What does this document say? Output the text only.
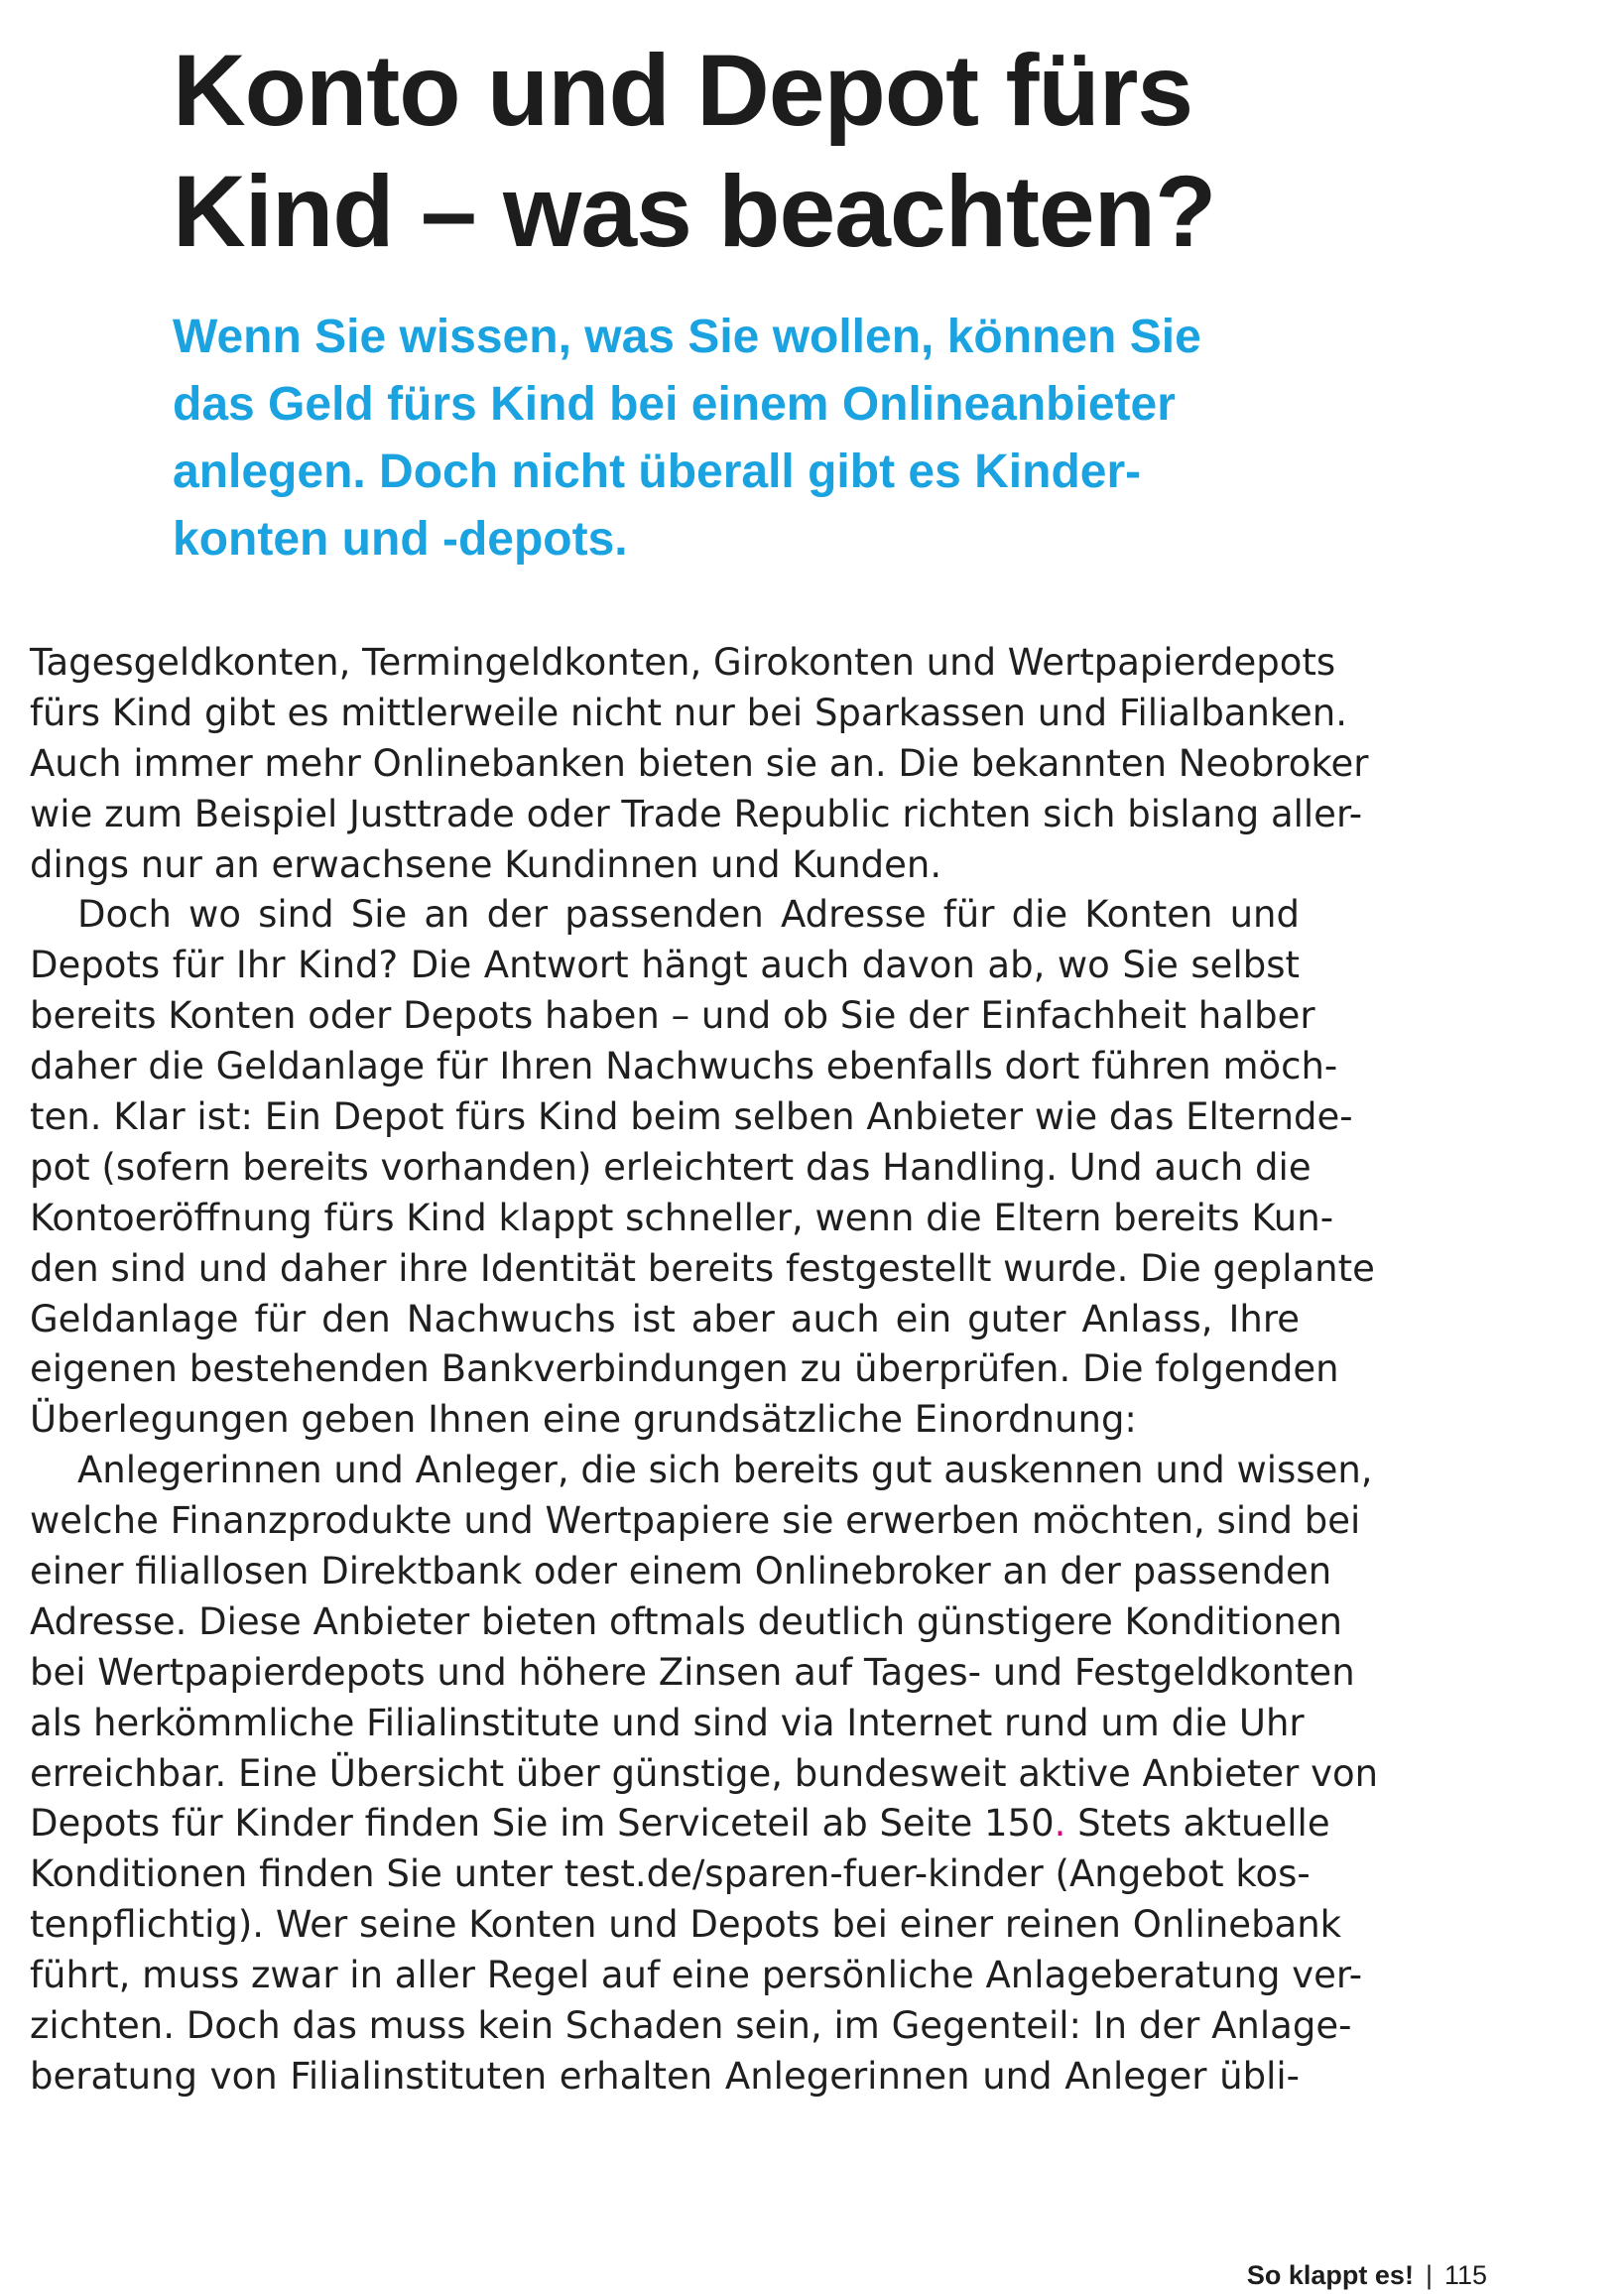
Konto und Depot fürs
Kind – was beachten?

Wenn Sie wissen, was Sie wollen, können Sie
das Geld fürs Kind bei einem Onlineanbieter
anlegen. Doch nicht überall gibt es Kinder-
konten und -depots.

Tagesgeldkonten, Termingeldkonten, Girokonten und Wertpapierdepots
fürs Kind gibt es mittlerweile nicht nur bei Sparkassen und Filialbanken.
Auch immer mehr Onlinebanken bieten sie an. Die bekannten Neobroker
wie zum Beispiel Justtrade oder Trade Republic richten sich bislang aller-
dings nur an erwachsene Kundinnen und Kunden.
Doch wo sind Sie an der passenden Adresse für die Konten und
Depots für Ihr Kind? Die Antwort hängt auch davon ab, wo Sie selbst
bereits Konten oder Depots haben – und ob Sie der Einfachheit halber
daher die Geldanlage für Ihren Nachwuchs ebenfalls dort führen möch-
ten. Klar ist: Ein Depot fürs Kind beim selben Anbieter wie das Elternde-
pot (sofern bereits vorhanden) erleichtert das Handling. Und auch die
Kontoeröffnung fürs Kind klappt schneller, wenn die Eltern bereits Kun-
den sind und daher ihre Identität bereits festgestellt wurde. Die geplante
Geldanlage für den Nachwuchs ist aber auch ein guter Anlass, Ihre
eigenen bestehenden Bankverbindungen zu überprüfen. Die folgenden
Überlegungen geben Ihnen eine grundsätzliche Einordnung:
Anlegerinnen und Anleger, die sich bereits gut auskennen und wissen,
welche Finanzprodukte und Wertpapiere sie erwerben möchten, sind bei
einer filiallosen Direktbank oder einem Onlinebroker an der passenden
Adresse. Diese Anbieter bieten oftmals deutlich günstigere Konditionen
bei Wertpapierdepots und höhere Zinsen auf Tages- und Festgeldkonten
als herkömmliche Filialinstitute und sind via Internet rund um die Uhr
erreichbar. Eine Übersicht über günstige, bundesweit aktive Anbieter von
Depots für Kinder finden Sie im Serviceteil ab Seite 150. Stets aktuelle
Konditionen finden Sie unter test.de/sparen-fuer-kinder (Angebot kos-
tenpflichtig). Wer seine Konten und Depots bei einer reinen Onlinebank
führt, muss zwar in aller Regel auf eine persönliche Anlageberatung ver-
zichten. Doch das muss kein Schaden sein, im Gegenteil: In der Anlage-
beratung von Filialinstituten erhalten Anlegerinnen und Anleger übli-
So klappt es! | 115
